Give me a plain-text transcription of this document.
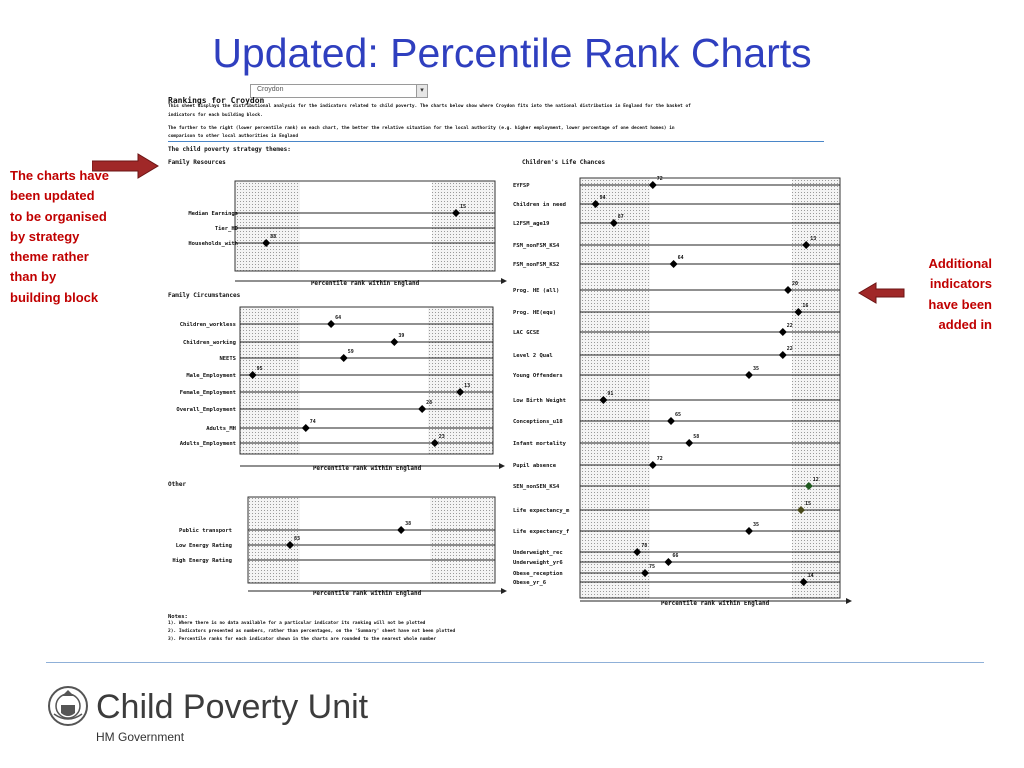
Updated: Percentile Rank Charts
The charts have been updated to be organised by strategy theme rather than by building block
Additional indicators have been added in
Croydon	▾
Rankings for Croydon
This sheet displays the distributional analysis for the indicators related to child poverty. The charts below show where Croydon fits into the national distribution in England for the basket of
indicators for each building block.
The further to the right (lower percentile rank) on each chart, the better the relative situation for the local authority (e.g. higher employment, lower percentage of one decent homes) in
comparison to other local authorities in England
The child poverty strategy themes:
Notes:
1). Where there is no data available for a particular indicator its ranking will not be plotted
2). Indicators presented as numbers, rather than percentages, on the 'Summary' sheet have not been plotted
3). Percentile ranks for each indicator shown in the charts are rounded to the nearest whole number
Family Resources
Median Earnings
15
Tier_HD
Households_with
88
Percentile rank within England
Family Circumstances
Children_workless
64
Children_working
39
NEETS
59
Male_Employment
95
Female_Employment
13
Overall_Employment
28
Adults_MH
74
Adults_Employment
23
Percentile rank within England
Other
Public transport
38
Low Energy Rating
83
High Energy Rating
Percentile rank within England
Children's Life Chances
EYFSP
72
Children in need
94
L2FSM_age19
87
FSM_nonFSM_KS4
13
FSM_nonFSM_KS2
64
Prog. HE (all)
20
Prog. HE(equ)
16
LAC GCSE
22
Level 2 Qual
22
Young Offenders
35
Low Birth Weight
91
Conceptions_u18
65
Infant mortality
58
Pupil absence
72
SEN_nonSEN_KS4
12
Life expectancy_m
15
Life expectancy_f
35
Underweight_rec
78
Underweight_yr6
66
Obese_reception
75
Obese_yr_6
14
Percentile rank within England
Child Poverty Unit
HM Government
